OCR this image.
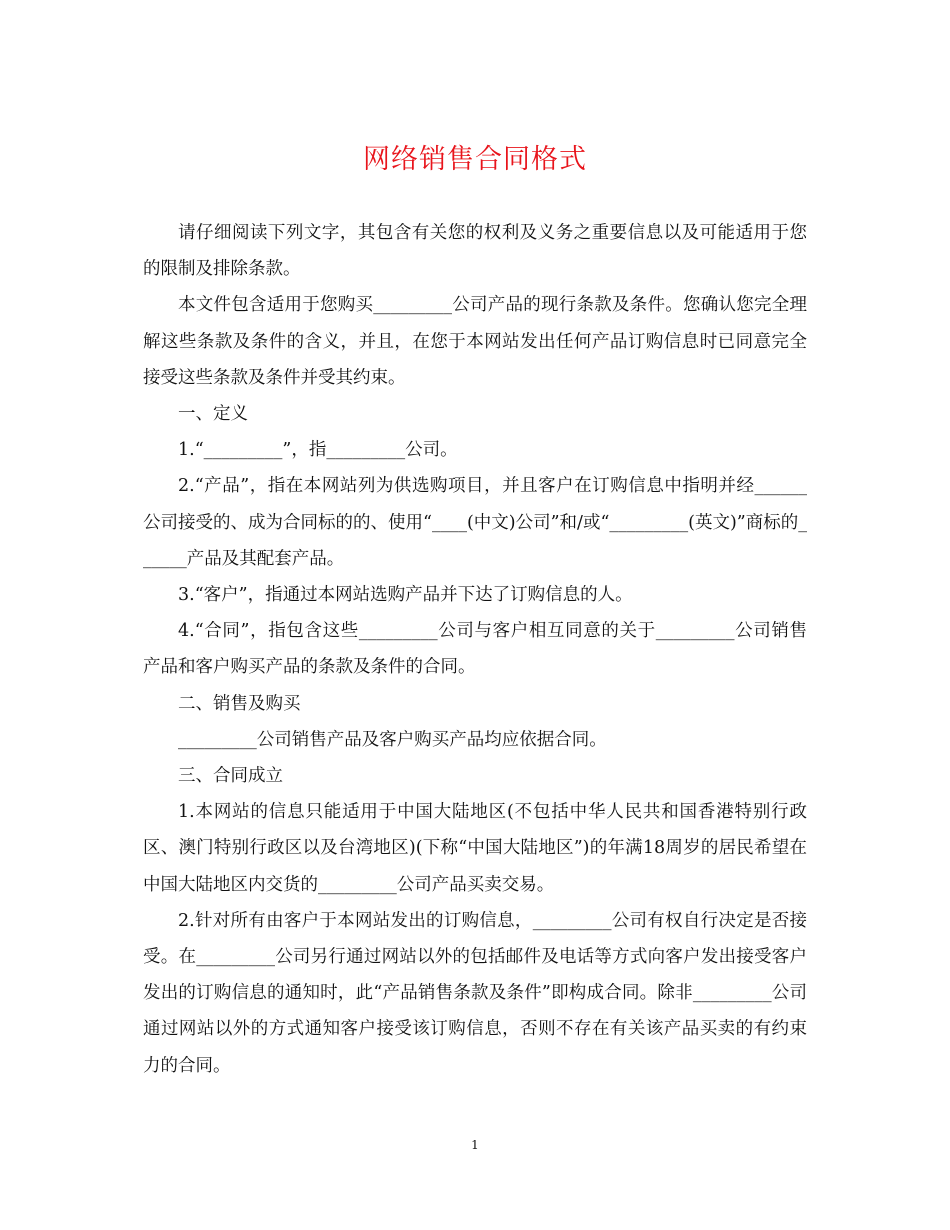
网络销售合同格式

请仔细阅读下列文字，其包含有关您的权利及义务之重要信息以及可能适用于您的限制及排除条款。

本文件包含适用于您购买_________公司产品的现行条款及条件。您确认您完全理解这些条款及条件的含义，并且，在您于本网站发出任何产品订购信息时已同意完全接受这些条款及条件并受其约束。

一、定义

1.“_________”，指_________公司。

2.“产品”，指在本网站列为供选购项目，并且客户在订购信息中指明并经______公司接受的、成为合同标的的、使用“____(中文)公司”和/或“_________(英文)”商标的______产品及其配套产品。

3.“客户”，指通过本网站选购产品并下达了订购信息的人。

4.“合同”，指包含这些_________公司与客户相互同意的关于_________公司销售产品和客户购买产品的条款及条件的合同。

二、销售及购买

_________公司销售产品及客户购买产品均应依据合同。

三、合同成立

1.本网站的信息只能适用于中国大陆地区(不包括中华人民共和国香港特别行政区、澳门特别行政区以及台湾地区)(下称“中国大陆地区”)的年满18周岁的居民希望在中国大陆地区内交货的_________公司产品买卖交易。

2.针对所有由客户于本网站发出的订购信息，_________公司有权自行决定是否接受。在_________公司另行通过网站以外的包括邮件及电话等方式向客户发出接受客户发出的订购信息的通知时，此“产品销售条款及条件”即构成合同。除非_________公司通过网站以外的方式通知客户接受该订购信息，否则不存在有关该产品买卖的有约束力的合同。

1
